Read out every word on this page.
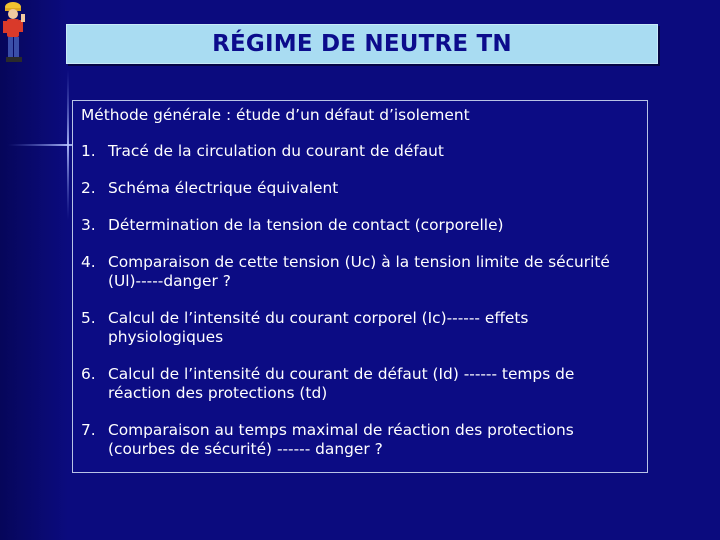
RÉGIME DE NEUTRE TN
Méthode générale : étude d’un défaut d’isolement
1. Tracé de la circulation du courant de défaut
2. Schéma électrique équivalent
3. Détermination de la tension de contact (corporelle)
4. Comparaison de cette tension (Uc) à la tension limite de sécurité (Ul)-----danger ?
5. Calcul de l’intensité du courant corporel (Ic)------ effets physiologiques
6. Calcul de l’intensité du courant de défaut (Id) ------ temps de réaction des protections (td)
7. Comparaison au temps maximal de réaction des protections (courbes de sécurité) ------ danger ?
